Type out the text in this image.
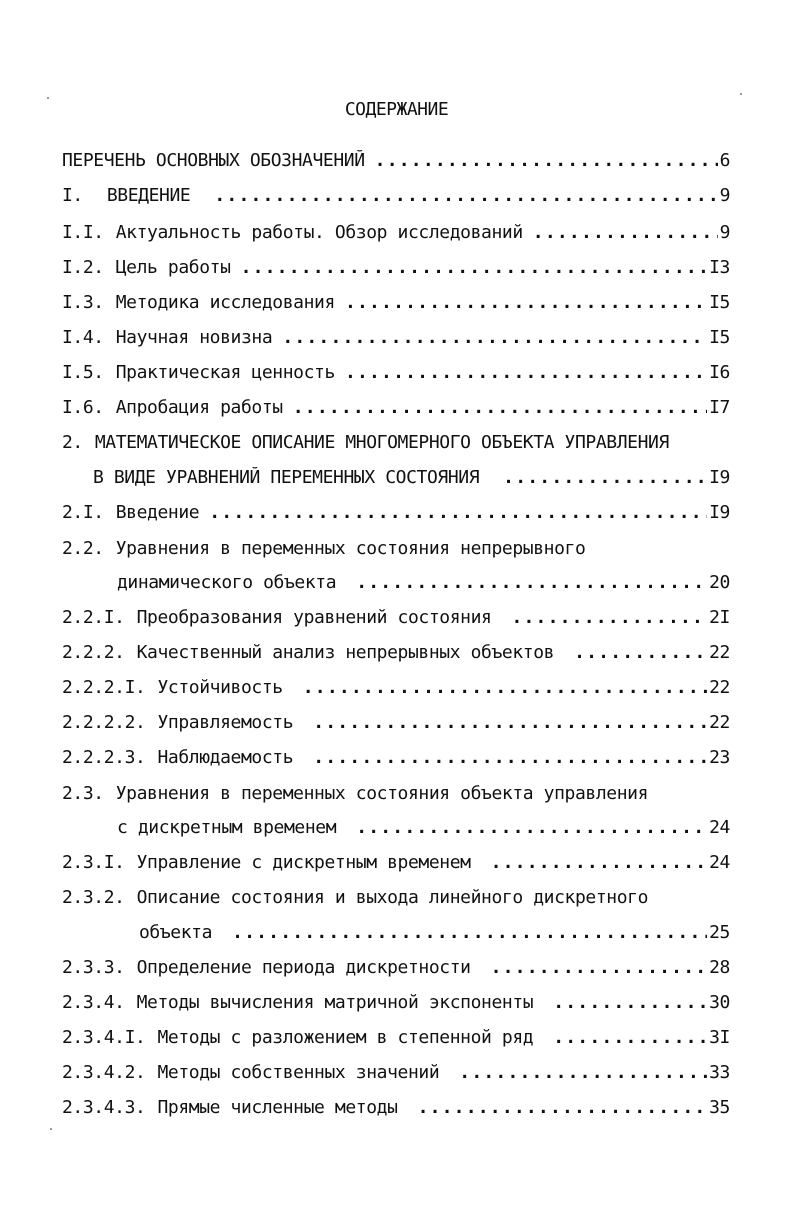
СОДЕРЖАНИЕ
ПЕРЕЧЕНЬ ОСНОВНЫХ ОБОЗНАЧЕНИЙ .....	6
I. ВВЕДЕНИЕ .....	9
I.I. Актуальность работы. Обзор исследований .....	9
I.2. Цель работы .....	I3
I.3. Методика исследования .....	I5
I.4. Научная новизна .....	I5
I.5. Практическая ценность .....	I6
I.6. Апробация работы .....	I7
2. МАТЕМАТИЧЕСКОЕ ОПИСАНИЕ МНОГОМЕРНОГО ОБЪЕКТА УПРАВЛЕНИЯ
В ВИДЕ УРАВНЕНИЙ ПЕРЕМЕННЫХ СОСТОЯНИЯ .....	I9
2.I. Введение .....	I9
2.2. Уравнения в переменных состояния непрерывного
динамического объекта .....	20
2.2.I. Преобразования уравнений состояния .....	2I
2.2.2. Качественный анализ непрерывных объектов .....	22
2.2.2.I. Устойчивость .....	22
2.2.2.2. Управляемость .....	22
2.2.2.3. Наблюдаемость .....	23
2.3. Уравнения в переменных состояния объекта управления
с дискретным временем .....	24
2.3.I. Управление с дискретным временем .....	24
2.3.2. Описание состояния и выхода линейного дискретного
объекта .....	25
2.3.3. Определение периода дискретности .....	28
2.3.4. Методы вычисления матричной экспоненты .....	30
2.3.4.I. Методы с разложением в степенной ряд .....	3I
2.3.4.2. Методы собственных значений .....	33
2.3.4.3. Прямые численные методы .....	35
